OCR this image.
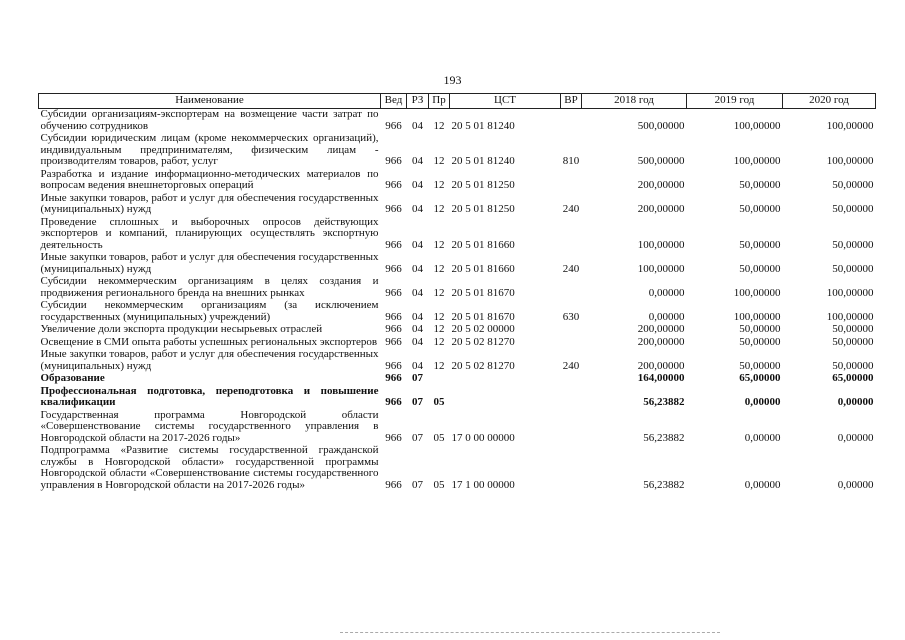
193
Наименование	Вед	РЗ	Пр	ЦСТ	ВР	2018 год	2019 год	2020 год
Субсидии организациям-экспортерам на возмещение части затрат по обучению сотрудников	966	04	12	20 5 01 81240		500,00000	100,00000	100,00000
Субсидии юридическим лицам (кроме некоммерческих организаций), индивидуальным предпринимателям, физическим лицам - производителям товаров, работ, услуг	966	04	12	20 5 01 81240	810	500,00000	100,00000	100,00000
Разработка и издание информационно-методических материалов по вопросам ведения внешнеторговых операций	966	04	12	20 5 01 81250		200,00000	50,00000	50,00000
Иные закупки товаров, работ и услуг для обеспечения государственных (муниципальных) нужд	966	04	12	20 5 01 81250	240	200,00000	50,00000	50,00000
Проведение сплошных и выборочных опросов действующих экспортеров и компаний, планирующих осуществлять экспортную деятельность	966	04	12	20 5 01 81660		100,00000	50,00000	50,00000
Иные закупки товаров, работ и услуг для обеспечения государственных (муниципальных) нужд	966	04	12	20 5 01 81660	240	100,00000	50,00000	50,00000
Субсидии некоммерческим организациям в целях создания и продвижения регионального бренда на внешних рынках	966	04	12	20 5 01 81670		0,00000	100,00000	100,00000
Субсидии некоммерческим организациям (за исключением государственных (муниципальных) учреждений)	966	04	12	20 5 01 81670	630	0,00000	100,00000	100,00000
Увеличение доли экспорта продукции несырьевых отраслей	966	04	12	20 5 02 00000		200,00000	50,00000	50,00000
Освещение в СМИ опыта работы успешных региональных экспортеров	966	04	12	20 5 02 81270		200,00000	50,00000	50,00000
Иные закупки товаров, работ и услуг для обеспечения государственных (муниципальных) нужд	966	04	12	20 5 02 81270	240	200,00000	50,00000	50,00000
Образование	966	07				164,00000	65,00000	65,00000
Профессиональная подготовка, переподготовка и повышение квалификации	966	07	05			56,23882	0,00000	0,00000
Государственная программа Новгородской области «Совершенствование системы государственного управления в Новгородской области на 2017-2026 годы»	966	07	05	17 0 00 00000		56,23882	0,00000	0,00000
Подпрограмма «Развитие системы государственной гражданской службы в Новгородской области» государственной программы Новгородской области «Совершенствование системы государственного управления в Новгородской области на 2017-2026 годы»	966	07	05	17 1 00 00000		56,23882	0,00000	0,00000
